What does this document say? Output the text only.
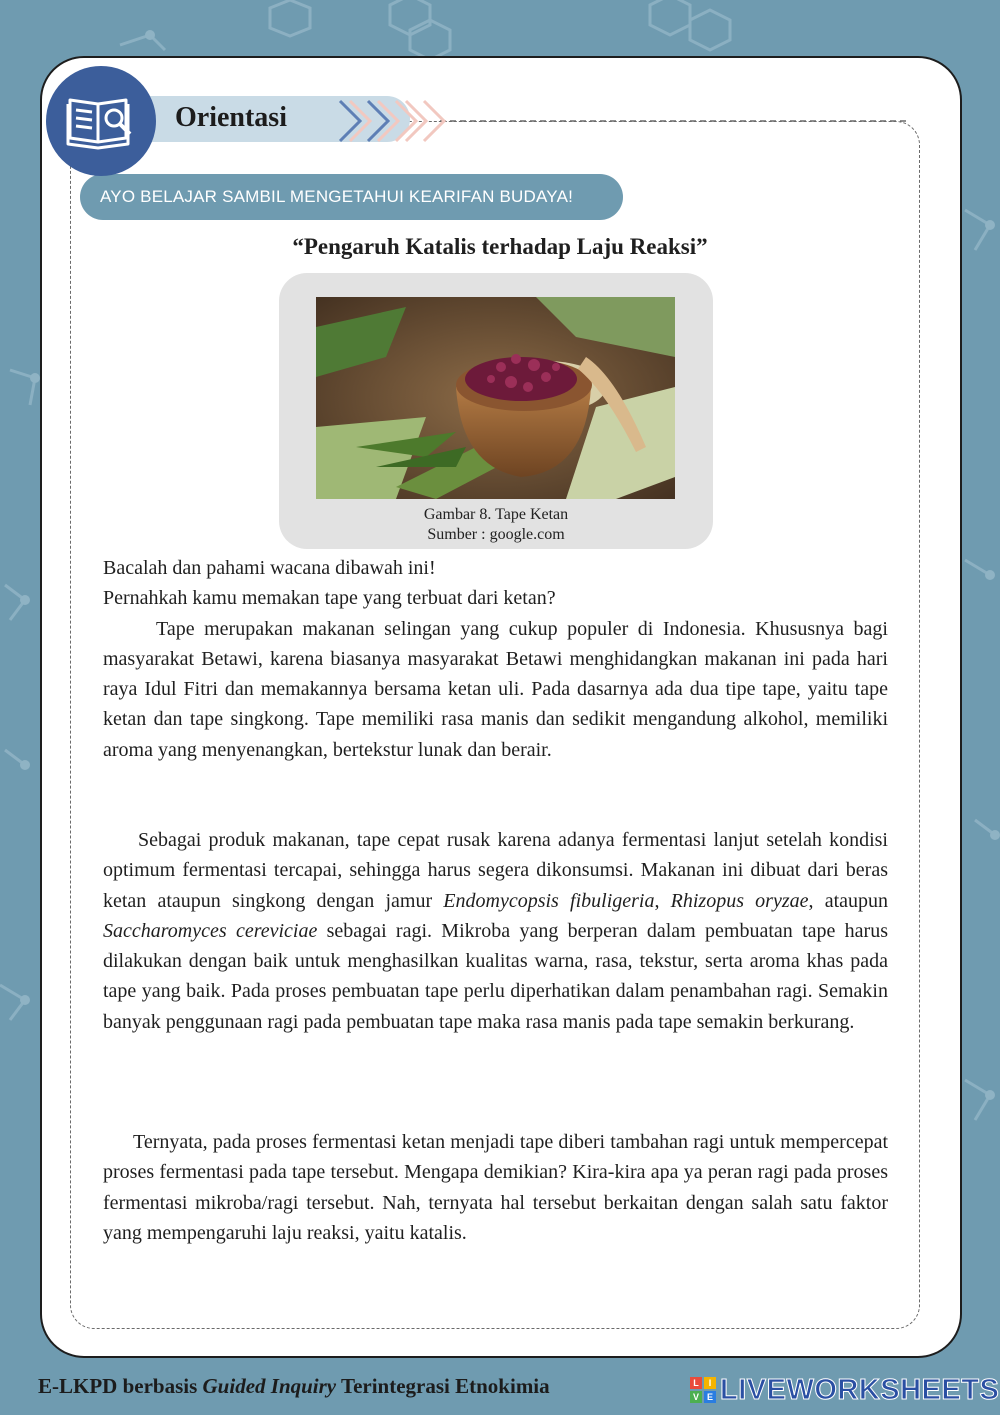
Orientasi
AYO BELAJAR SAMBIL MENGETAHUI KEARIFAN BUDAYA!
“Pengaruh Katalis terhadap Laju Reaksi”
Gambar 8. Tape Ketan
Sumber : google.com

Bacalah dan pahami wacana dibawah ini!

Pernahkah kamu memakan tape yang terbuat dari ketan?

Tape merupakan makanan selingan yang cukup populer di Indonesia. Khususnya bagi masyarakat Betawi, karena biasanya masyarakat Betawi menghidangkan makanan ini pada hari raya Idul Fitri dan memakannya bersama ketan uli. Pada dasarnya ada dua tipe tape, yaitu tape ketan dan tape singkong. Tape memiliki rasa manis dan sedikit mengandung alkohol, memiliki aroma yang menyenangkan, bertekstur lunak dan berair.

Sebagai produk makanan, tape cepat rusak karena adanya fermentasi lanjut setelah kondisi optimum fermentasi tercapai, sehingga harus segera dikonsumsi. Makanan ini dibuat dari beras ketan ataupun singkong dengan jamur Endomycopsis fibuligeria, Rhizopus oryzae, ataupun Saccharomyces cereviciae sebagai ragi. Mikroba yang berperan dalam pembuatan tape harus dilakukan dengan baik untuk menghasilkan kualitas warna, rasa, tekstur, serta aroma khas pada tape yang baik. Pada proses pembuatan tape perlu diperhatikan dalam penambahan ragi. Semakin banyak penggunaan ragi pada pembuatan tape maka rasa manis pada tape semakin berkurang.
Ternyata, pada proses fermentasi ketan menjadi tape diberi tambahan ragi untuk mempercepat proses fermentasi pada tape tersebut. Mengapa demikian? Kira-kira apa ya peran ragi pada proses fermentasi mikroba/ragi tersebut. Nah, ternyata hal tersebut berkaitan dengan salah satu faktor yang mempengaruhi laju reaksi, yaitu katalis.
E-LKPD berbasis Guided Inquiry Terintegrasi Etnokimia	L	I
V E LIVEWORKSHEETS
